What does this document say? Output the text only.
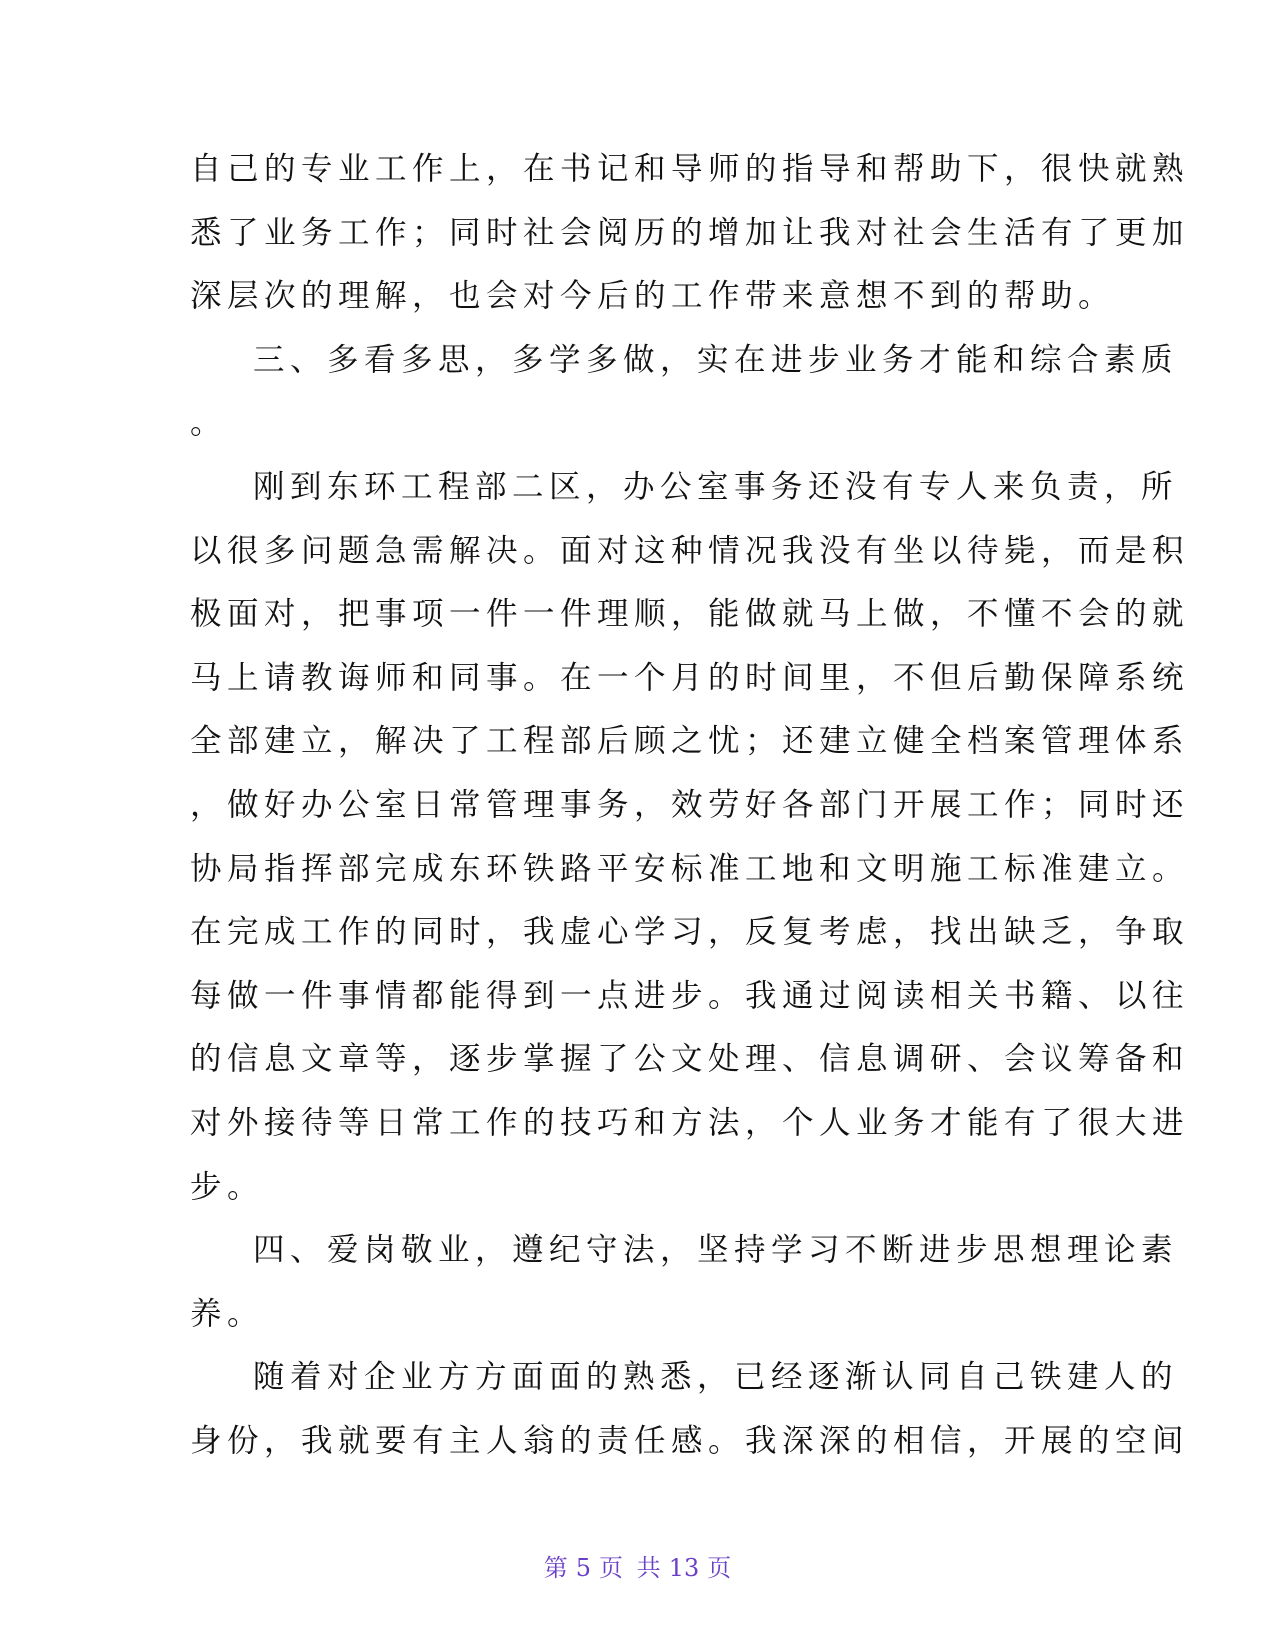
自己的专业工作上，在书记和导师的指导和帮助下，很快就熟
悉了业务工作；同时社会阅历的增加让我对社会生活有了更加
深层次的理解，也会对今后的工作带来意想不到的帮助。
三、多看多思，多学多做，实在进步业务才能和综合素质
。
刚到东环工程部二区，办公室事务还没有专人来负责，所
以很多问题急需解决。面对这种情况我没有坐以待毙，而是积
极面对，把事项一件一件理顺，能做就马上做，不懂不会的就
马上请教诲师和同事。在一个月的时间里，不但后勤保障系统
全部建立，解决了工程部后顾之忧；还建立健全档案管理体系
，做好办公室日常管理事务，效劳好各部门开展工作；同时还
协局指挥部完成东环铁路平安标准工地和文明施工标准建立。
在完成工作的同时，我虚心学习，反复考虑，找出缺乏，争取
每做一件事情都能得到一点进步。我通过阅读相关书籍、以往
的信息文章等，逐步掌握了公文处理、信息调研、会议筹备和
对外接待等日常工作的技巧和方法，个人业务才能有了很大进
步。
四、爱岗敬业，遵纪守法，坚持学习不断进步思想理论素
养。
随着对企业方方面面的熟悉，已经逐渐认同自己铁建人的
身份，我就要有主人翁的责任感。我深深的相信，开展的空间
第 5 页 共 13 页
